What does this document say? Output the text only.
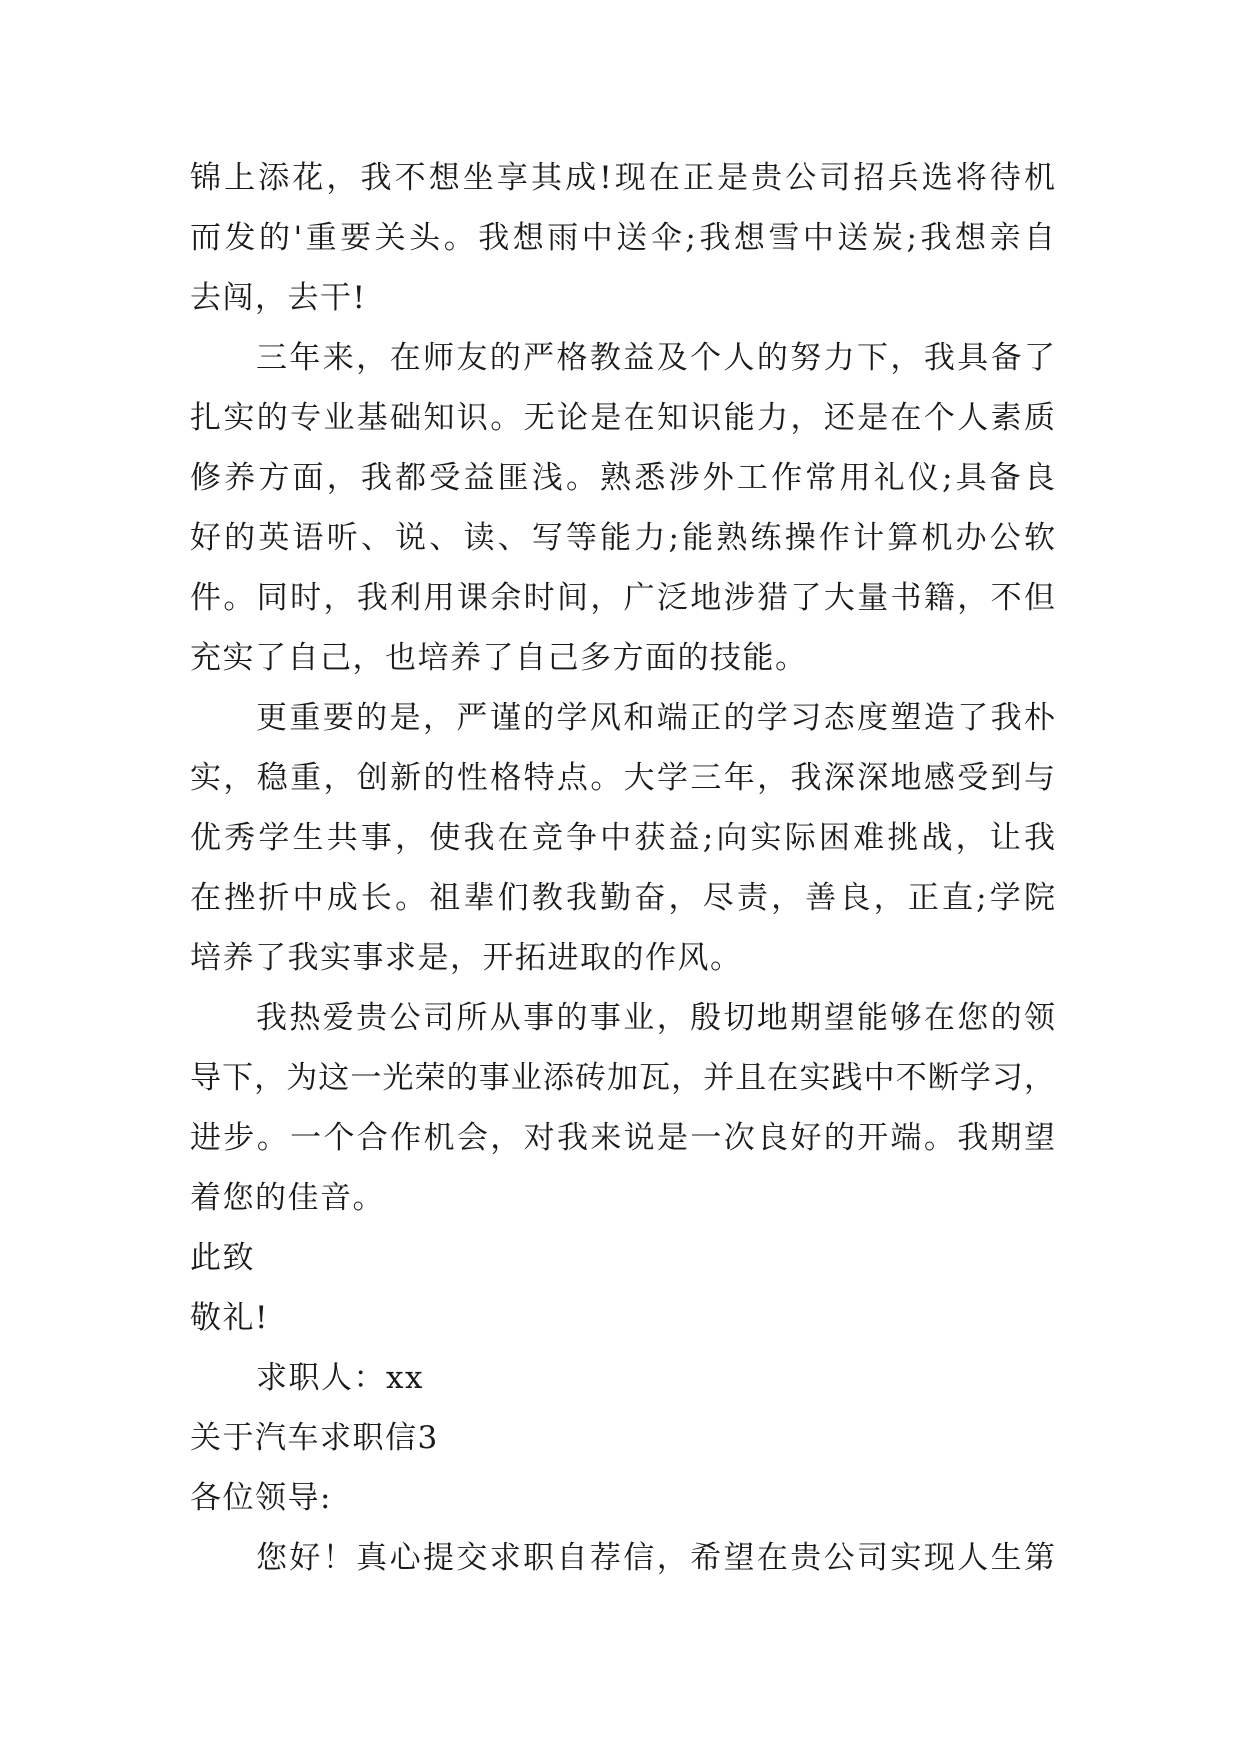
锦上添花，我不想坐享其成!现在正是贵公司招兵选将待机
而发的'重要关头。我想雨中送伞;我想雪中送炭;我想亲自
去闯，去干!
三年来，在师友的严格教益及个人的努力下，我具备了
扎实的专业基础知识。无论是在知识能力，还是在个人素质
修养方面，我都受益匪浅。熟悉涉外工作常用礼仪;具备良
好的英语听、说、读、写等能力;能熟练操作计算机办公软
件。同时，我利用课余时间，广泛地涉猎了大量书籍，不但
充实了自己，也培养了自己多方面的技能。
更重要的是，严谨的学风和端正的学习态度塑造了我朴
实，稳重，创新的性格特点。大学三年，我深深地感受到与
优秀学生共事，使我在竞争中获益;向实际困难挑战，让我
在挫折中成长。祖辈们教我勤奋，尽责，善良，正直;学院
培养了我实事求是，开拓进取的作风。
我热爱贵公司所从事的事业，殷切地期望能够在您的领
导下，为这一光荣的事业添砖加瓦，并且在实践中不断学习，
进步。一个合作机会，对我来说是一次良好的开端。我期望
着您的佳音。
此致
敬礼!
求职人：xx
关于汽车求职信3
各位领导:
您好！真心提交求职自荐信，希望在贵公司实现人生第
